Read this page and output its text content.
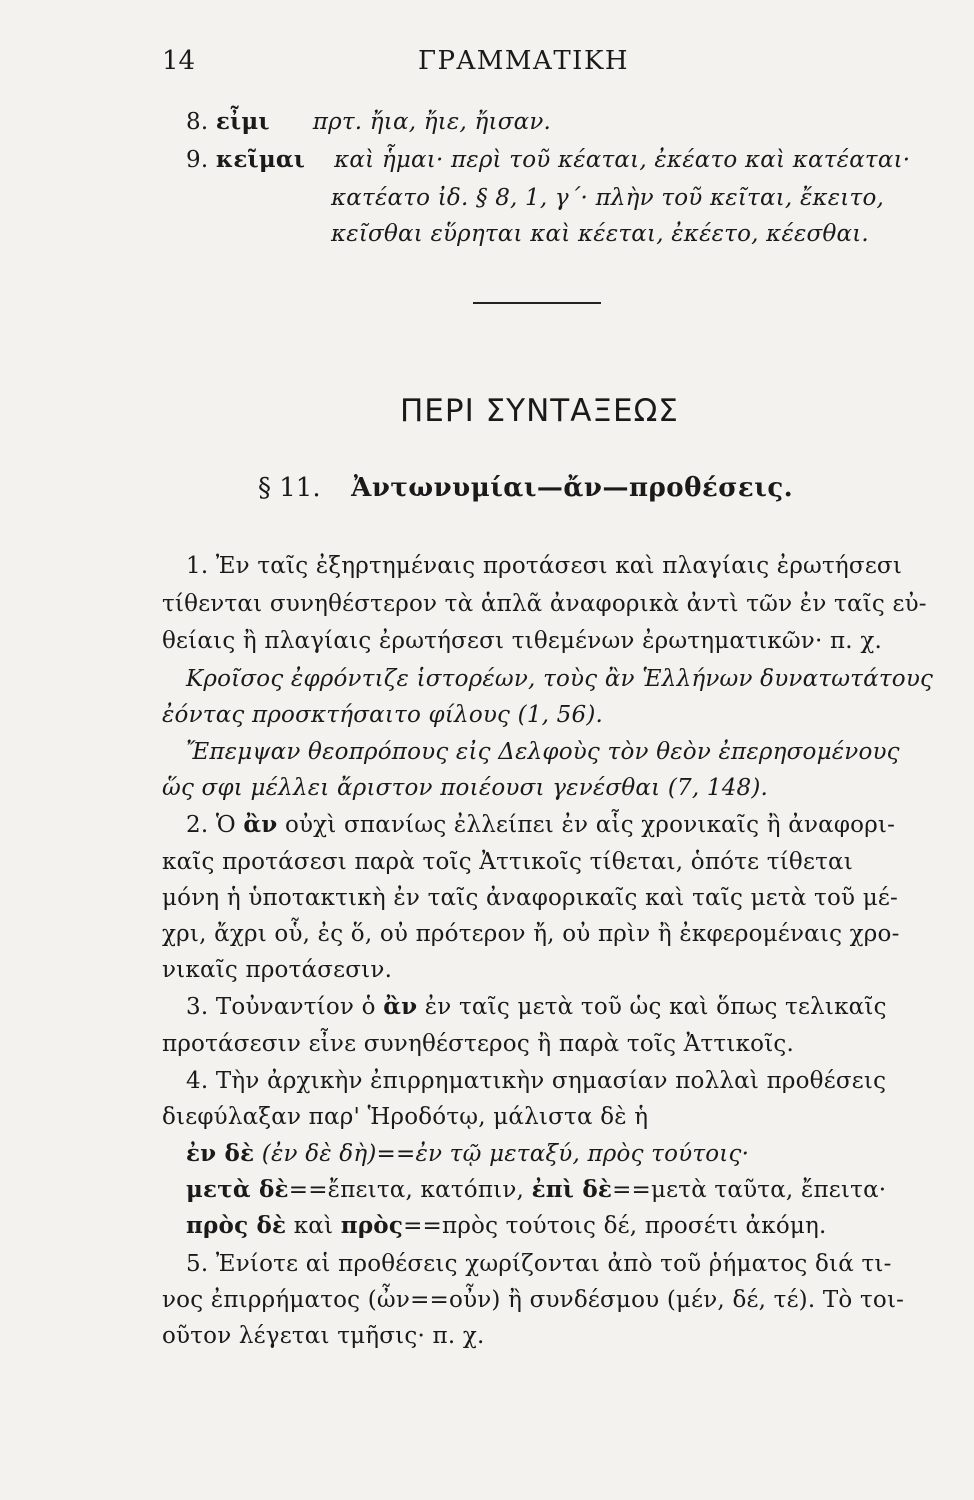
14	ΓΡΑΜΜΑΤΙΚΗ
8. εἶμι πρτ. ἤια, ἤιε, ἤισαν.
9. κεῖμαι καὶ ἧμαι· περὶ τοῦ κέαται, ἐκέατο καὶ κατέαται·
κατέατο ἰδ. § 8, 1, γ΄· πλὴν τοῦ κεῖται, ἔκειτο,
κεῖσθαι εὕρηται καὶ κέεται, ἐκέετο, κέεσθαι.
ΠΕΡΙ ΣΥΝΤΑΞΕΩΣ
§ 11. Ἀντωνυμίαι—ἄν—προθέσεις.
1. Ἐν ταῖς ἐξηρτημέναις προτάσεσι καὶ πλαγίαις ἐρωτήσεσι
τίθενται συνηθέστερον τὰ ἁπλᾶ ἀναφορικὰ ἀντὶ τῶν ἐν ταῖς εὐ-
θείαις ἢ πλαγίαις ἐρωτήσεσι τιθεμένων ἐρωτηματικῶν· π. χ.
Κροῖσος ἐφρόντιζε ἱστορέων, τοὺς ἂν Ἑλλήνων δυνατωτάτους
ἐόντας προσκτήσαιτο φίλους (1, 56).
Ἔπεμψαν θεοπρόπους εἰς Δελφοὺς τὸν θεὸν ἐπερησομένους
ὥς σφι μέλλει ἄριστον ποιέουσι γενέσθαι (7, 148).
2. Ὁ ἂν οὐχὶ σπανίως ἐλλείπει ἐν αἷς χρονικαῖς ἢ ἀναφορι-
καῖς προτάσεσι παρὰ τοῖς Ἀττικοῖς τίθεται, ὁπότε τίθεται
μόνη ἡ ὑποτακτικὴ ἐν ταῖς ἀναφορικαῖς καὶ ταῖς μετὰ τοῦ μέ-
χρι, ἄχρι οὗ, ἐς ὅ, οὐ πρότερον ἤ, οὐ πρὶν ἢ ἐκφερομέναις χρο-
νικαῖς προτάσεσιν.
3. Τοὐναντίον ὁ ἂν ἐν ταῖς μετὰ τοῦ ὡς καὶ ὅπως τελικαῖς
προτάσεσιν εἶνε συνηθέστερος ἢ παρὰ τοῖς Ἀττικοῖς.
4. Τὴν ἀρχικὴν ἐπιρρηματικὴν σημασίαν πολλαὶ προθέσεις
διεφύλαξαν παρ' Ἡροδότῳ, μάλιστα δὲ ἡ
ἐν δὲ (ἐν δὲ δὴ)==ἐν τῷ μεταξύ, πρὸς τούτοις·
μετὰ δὲ==ἔπειτα, κατόπιν, ἐπὶ δὲ==μετὰ ταῦτα, ἔπειτα·
πρὸς δὲ καὶ πρὸς==πρὸς τούτοις δέ, προσέτι ἀκόμη.
5. Ἐνίοτε αἱ προθέσεις χωρίζονται ἀπὸ τοῦ ῥήματος διά τι-
νος ἐπιρρήματος (ὦν==οὖν) ἢ συνδέσμου (μέν, δέ, τέ). Τὸ τοι-
οῦτον λέγεται τμῆσις· π. χ.
